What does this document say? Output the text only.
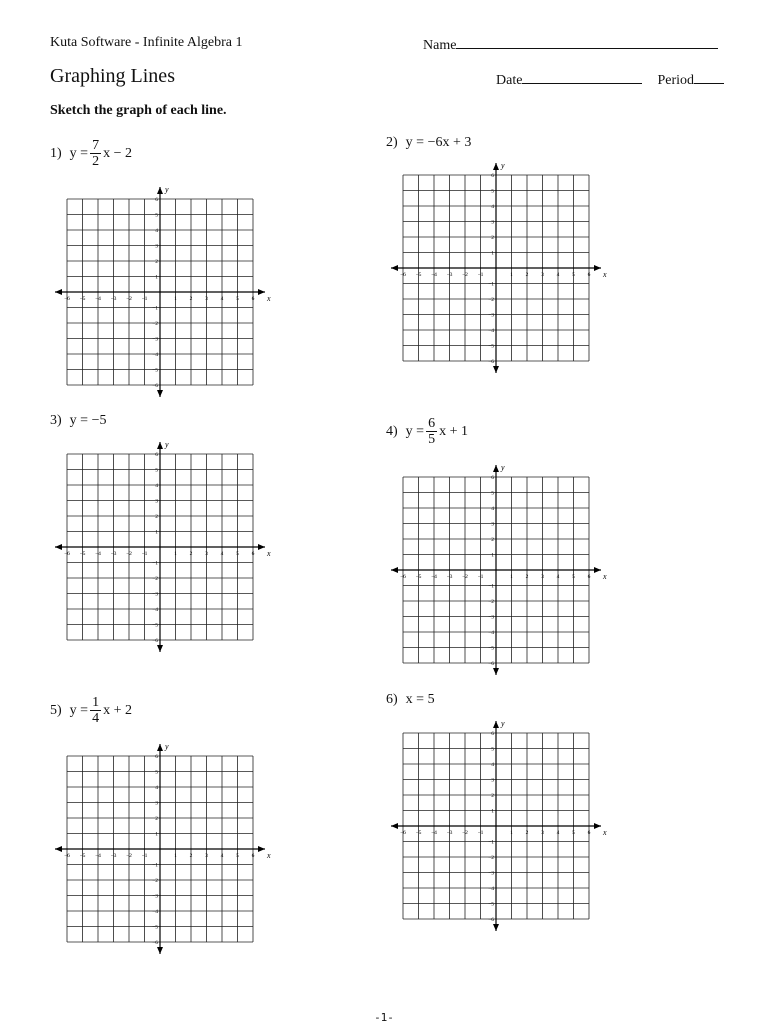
Kuta Software - Infinite Algebra 1	Name
Graphing Lines	Date	Period
Sketch the graph of each line.
1) $y = \frac{7}{2}$ x − 2
2) y =
−6x + 3
3) y =
−5
4) $y = \frac{6}{5}$ x + 1
5) $y = \frac{1}{4}$ x + 2
6) x =
5
x
y
−6 −5 −4 −3 −2 −1	1 2 3 4 5 6
6
5
4
3
2
1
−1
−2
−3
−4
−5
−6
x
y
−6 −5 −4 −3 −2 −1	1 2 3 4 5 6
6
5
4
3
2
1
−1
−2
−3
−4
−5
−6
x
y
−6 −5 −4 −3 −2 −1	1 2 3 4 5 6
6
5
4
3
2
1
−1
−2
−3
−4
−5
−6
x
y
−6 −5 −4 −3 −2 −1	1 2 3 4 5 6
6
5
4
3
2
1
−1
−2
−3
−4
−5
−6
x
y
−6 −5 −4 −3 −2 −1	1 2 3 4 5 6
6
5
4
3
2
1
−1
−2
−3
−4
−5
−6
x
y
−6 −5 −4 −3 −2 −1	1 2 3 4 5 6
6
5
4
3
2
1
−1
−2
−3
−4
−5
−6
-1-
